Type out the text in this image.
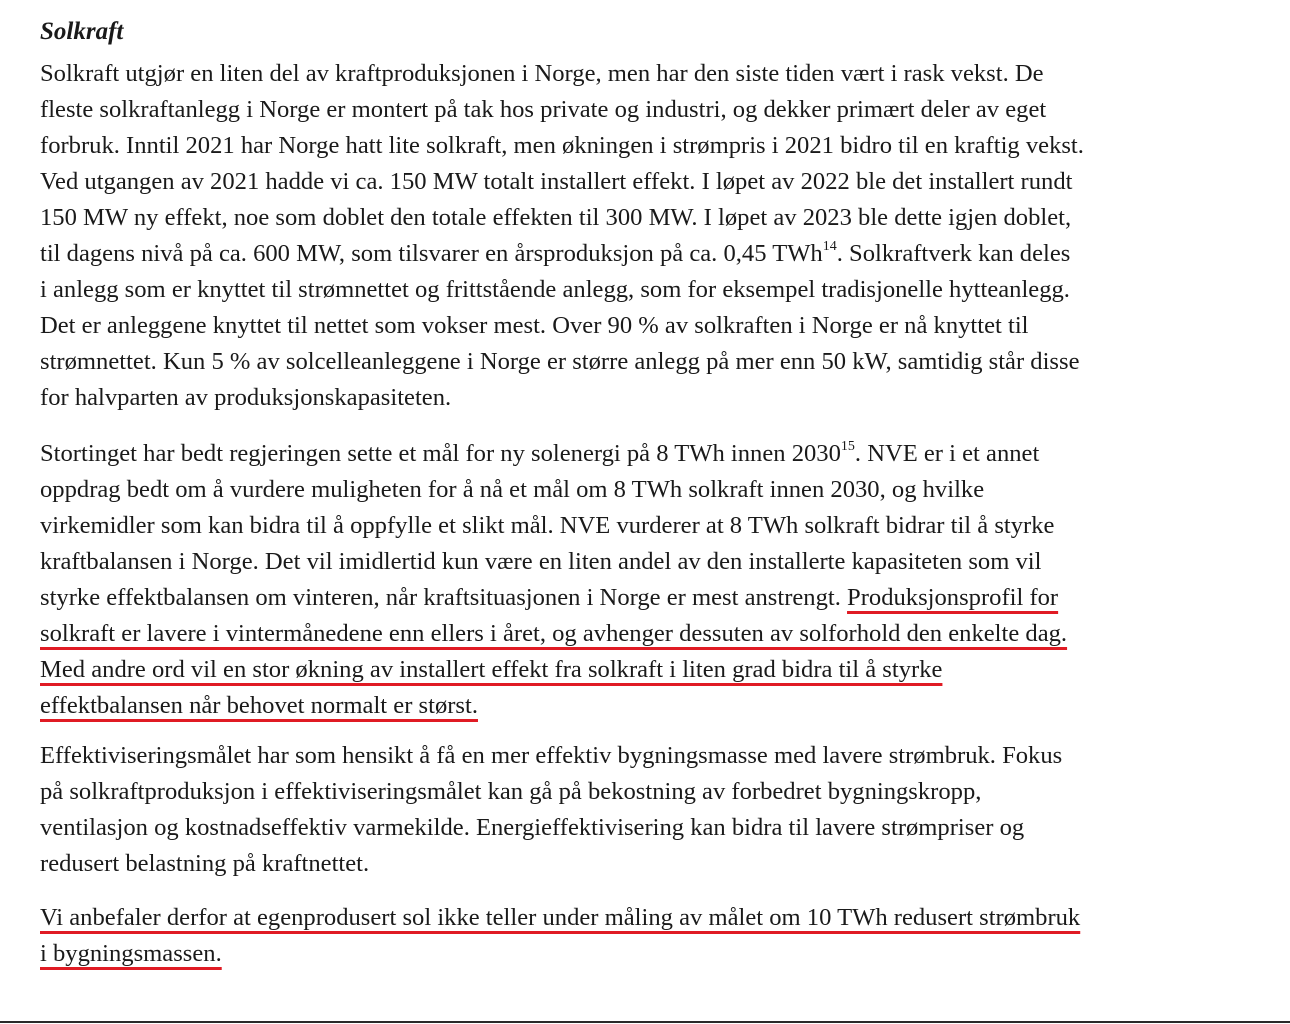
Solkraft
Solkraft utgjør en liten del av kraftproduksjonen i Norge, men har den siste tiden vært i rask vekst. De
fleste solkraftanlegg i Norge er montert på tak hos private og industri, og dekker primært deler av eget
forbruk. Inntil 2021 har Norge hatt lite solkraft, men økningen i strømpris i 2021 bidro til en kraftig vekst.
Ved utgangen av 2021 hadde vi ca. 150 MW totalt installert effekt. I løpet av 2022 ble det installert rundt
150 MW ny effekt, noe som doblet den totale effekten til 300 MW. I løpet av 2023 ble dette igjen doblet,
til dagens nivå på ca. 600 MW, som tilsvarer en årsproduksjon på ca. 0,45 TWh$^{14}$. Solkraftverk kan deles
i anlegg som er knyttet til strømnettet og frittstående anlegg, som for eksempel tradisjonelle hytteanlegg.
Det er anleggene knyttet til nettet som vokser mest. Over 90 % av solkraften i Norge er nå knyttet til
strømnettet. Kun 5 % av solcelleanleggene i Norge er større anlegg på mer enn 50 kW, samtidig står disse
for halvparten av produksjonskapasiteten.
Stortinget har bedt regjeringen sette et mål for ny solenergi på 8 TWh innen 2030$^{15}$. NVE er i et annet
oppdrag bedt om å vurdere muligheten for å nå et mål om 8 TWh solkraft innen 2030, og hvilke
virkemidler som kan bidra til å oppfylle et slikt mål. NVE vurderer at 8 TWh solkraft bidrar til å styrke
kraftbalansen i Norge. Det vil imidlertid kun være en liten andel av den installerte kapasiteten som vil
styrke effektbalansen om vinteren, når kraftsituasjonen i Norge er mest anstrengt. Produksjonsprofil for
solkraft er lavere i vintermånedene enn ellers i året, og avhenger dessuten av solforhold den enkelte dag.
Med andre ord vil en stor økning av installert effekt fra solkraft i liten grad bidra til å styrke
effektbalansen når behovet normalt er størst.
Effektiviseringsmålet har som hensikt å få en mer effektiv bygningsmasse med lavere strømbruk. Fokus
på solkraftproduksjon i effektiviseringsmålet kan gå på bekostning av forbedret bygningskropp,
ventilasjon og kostnadseffektiv varmekilde. Energieffektivisering kan bidra til lavere strømpriser og
redusert belastning på kraftnettet.
Vi anbefaler derfor at egenprodusert sol ikke teller under måling av målet om 10 TWh redusert strømbruk
i bygningsmassen.
